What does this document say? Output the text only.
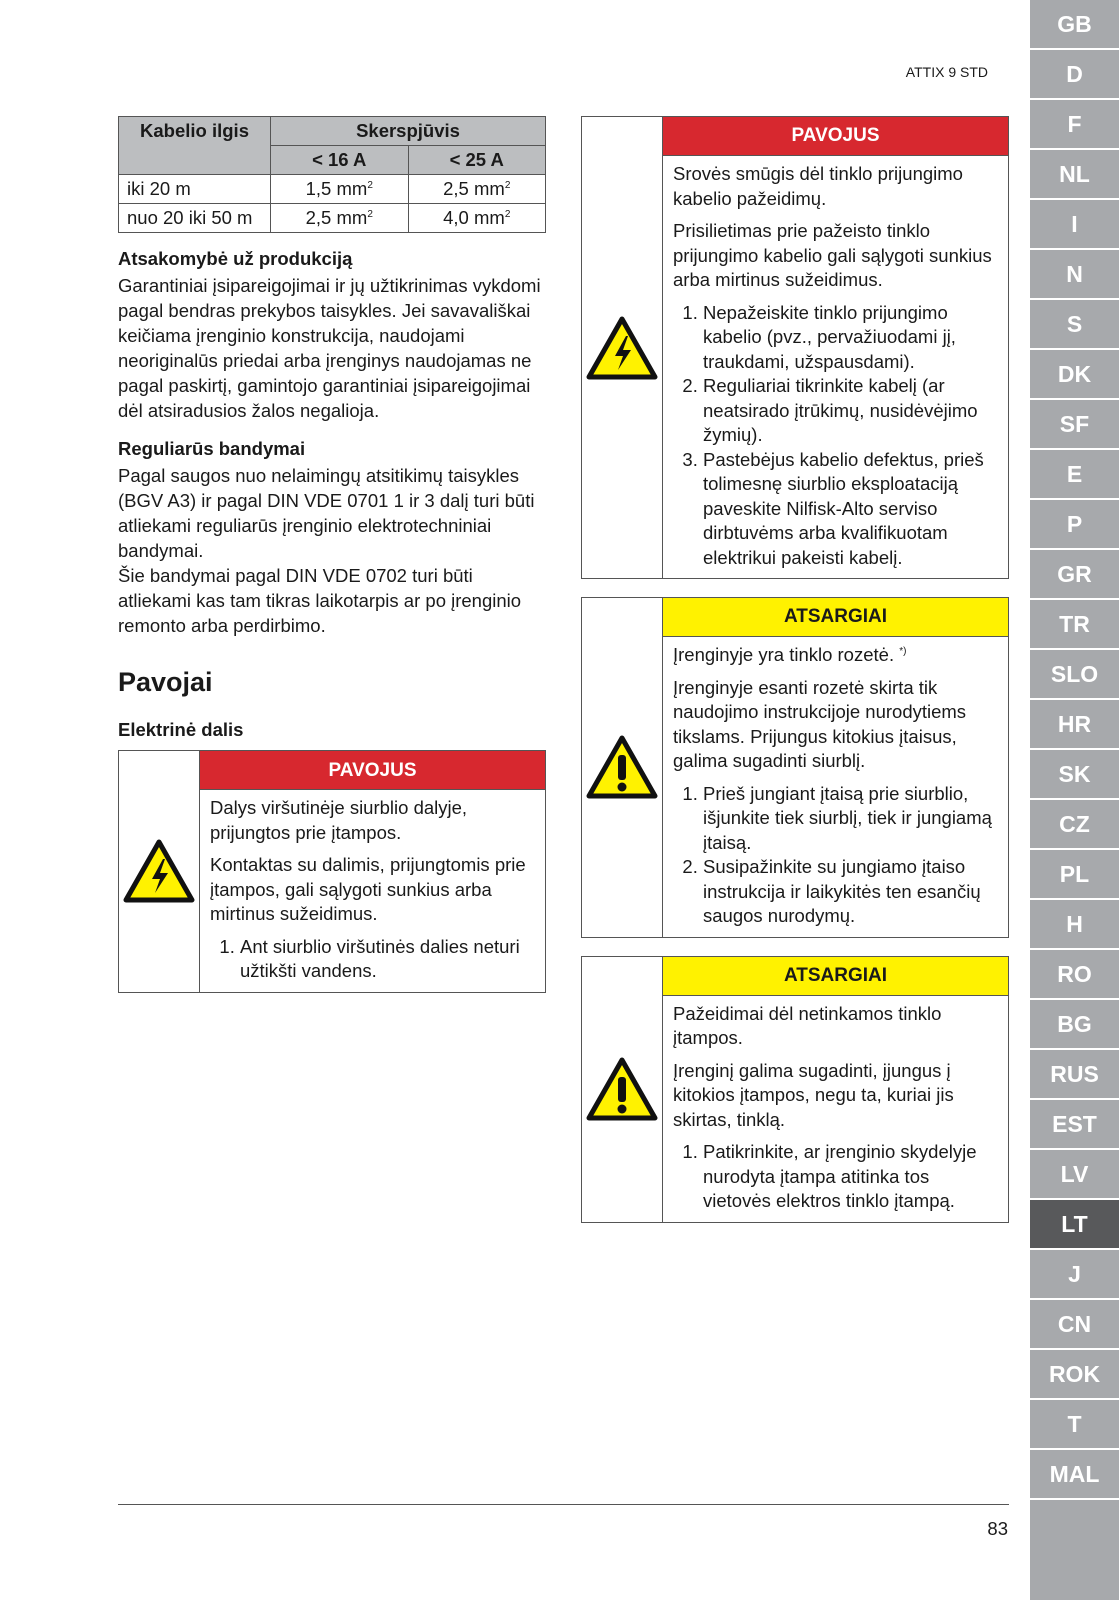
ATTIX 9 STD
GB
D
F
NL
I
N
S
DK
SF
E
P
GR
TR
SLO
HR
SK
CZ
PL
H
RO
BG
RUS
EST
LV
LT
J
CN
ROK
T
MAL
Kabelio ilgis	Skerspjūvis	
	< 16 A	< 25 A
iki 20 m	1,5 $mm^2$	2,5 $mm^2$
nuo 20 iki 50 m	2,5 $mm^2$	4,0 $mm^2$
Atsakomybė už produkciją

Garantiniai įsipareigojimai ir jų užtikrinimas vykdomi pagal bendras prekybos taisykles. Jei savavališkai keičiama įrenginio konstrukcija, naudojami neoriginalūs priedai arba įrenginys naudojamas ne pagal paskirtį, gamintojo garantiniai įsipareigojimai dėl atsiradusios žalos negalioja.

Reguliarūs bandymai

Pagal saugos nuo nelaimingų atsitikimų taisykles (BGV A3) ir pagal DIN VDE 0701 1 ir 3 dalį turi būti atliekami reguliarūs įrenginio elektrotechniniai bandymai.

Šie bandymai pagal DIN VDE 0702 turi būti atliekami kas tam tikras laikotarpis ar po įrenginio remonto arba perdirbimo.

Pavojai
Elektrinė dalis
PAVOJUS

Dalys viršutinėje siurblio dalyje, prijungtos prie įtampos.

Kontaktas su dalimis, prijungtomis prie įtampos, gali sąlygoti sunkius arba mirtinus sužeidimus.

1. Ant siurblio viršutinės dalies neturi užtikšti vandens.
PAVOJUS

Srovės smūgis dėl tinklo prijungimo kabelio pažeidimų.

Prisilietimas prie pažeisto tinklo prijungimo kabelio gali sąlygoti sunkius arba mirtinus sužeidimus.

1. Nepažeiskite tinklo prijungimo kabelio (pvz., pervažiuodami jį, traukdami, užspausdami).
2. Reguliariai tikrinkite kabelį (ar neatsirado įtrūkimų, nusidėvėjimo žymių).
3. Pastebėjus kabelio defektus, prieš tolimesnę siurblio eksploataciją paveskite Nilfisk-Alto serviso dirbtuvėms arba kvalifikuotam elektrikui pakeisti kabelį.
ATSARGIAI

Įrenginyje yra tinklo rozetė. *)

Įrenginyje esanti rozetė skirta tik naudojimo instrukcijoje nurodytiems tikslams. Prijungus kitokius įtaisus, galima sugadinti siurblį.

1. Prieš jungiant įtaisą prie siurblio, išjunkite tiek siurblį, tiek ir jungiamą įtaisą.
2. Susipažinkite su jungiamo įtaiso instrukcija ir laikykitės ten esančių saugos nurodymų.
ATSARGIAI

Pažeidimai dėl netinkamos tinklo įtampos.

Įrenginį galima sugadinti, įjungus į kitokios įtampos, negu ta, kuriai jis skirtas, tinklą.

1. Patikrinkite, ar įrenginio skydelyje nurodyta įtampa atitinka tos vietovės elektros tinklo įtampą.
83
